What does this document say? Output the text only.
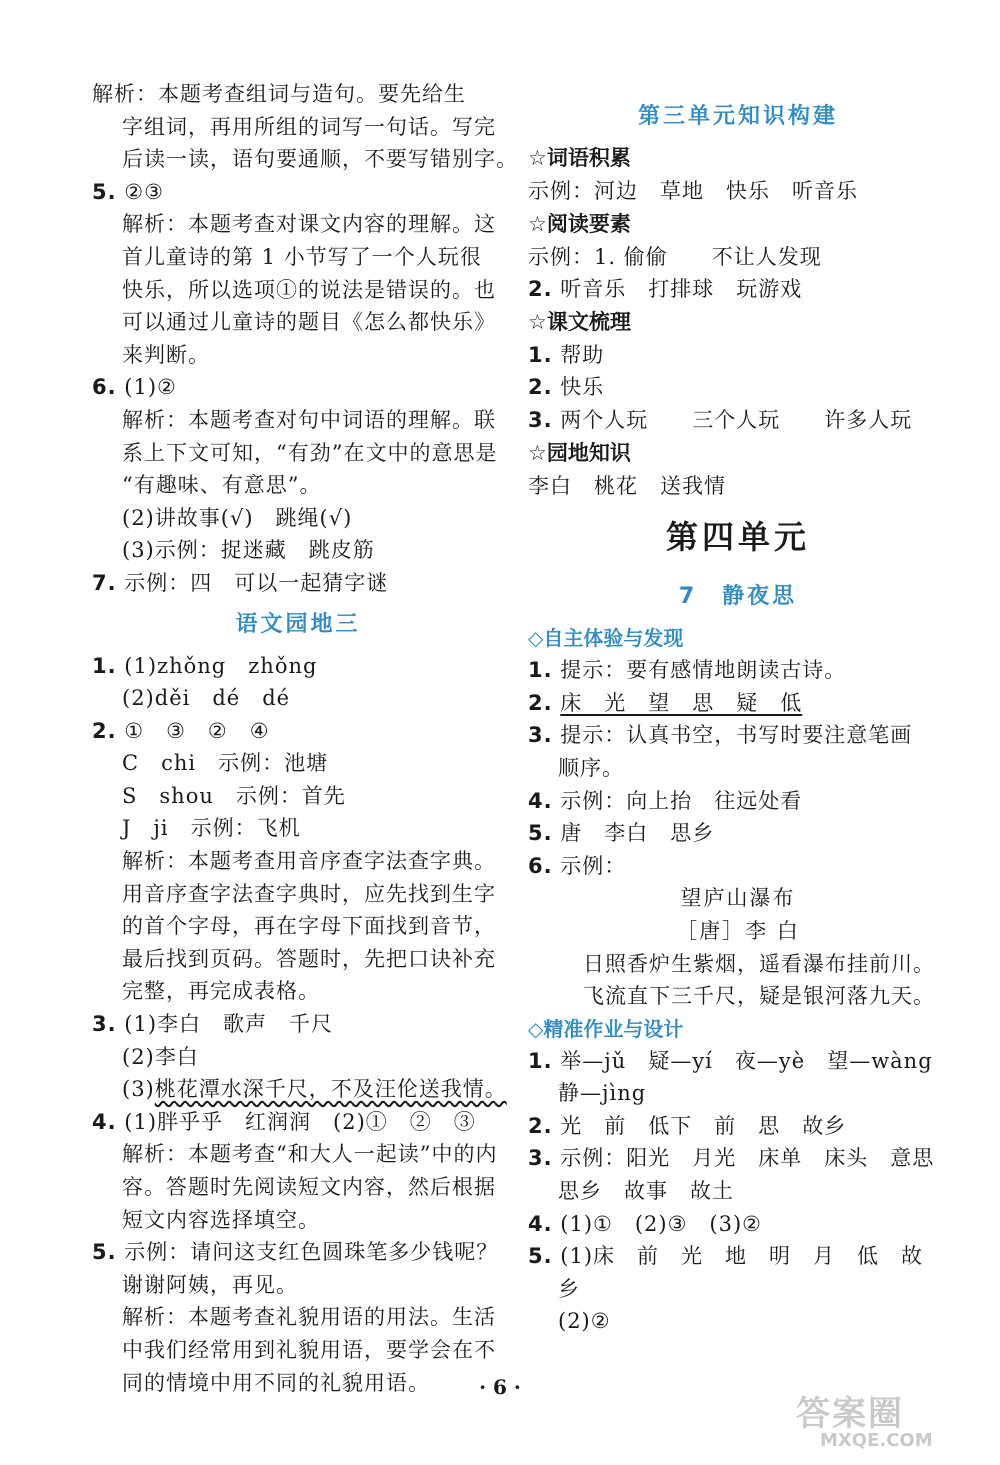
解析：本题考查组词与造句。要先给生
字组词，再用所组的词写一句话。写完
后读一读，语句要通顺，不要写错别字。
5. ②③
解析：本题考查对课文内容的理解。这
首儿童诗的第 1 小节写了一个人玩很
快乐，所以选项①的说法是错误的。也
可以通过儿童诗的题目《怎么都快乐》
来判断。
6. (1)②
解析：本题考查对句中词语的理解。联
系上下文可知，“有劲”在文中的意思是
“有趣味、有意思”。
(2)讲故事(√)　跳绳(√)
(3)示例：捉迷藏　跳皮筋
7. 示例：四　可以一起猜字谜
语文园地三
1. (1)zhǒng　zhǒng
(2)děi　dé　dé
2. ①　③　②　④
C　chi　示例：池塘
S　shou　示例：首先
J　ji　示例：飞机
解析：本题考查用音序查字法查字典。
用音序查字法查字典时，应先找到生字
的首个字母，再在字母下面找到音节，
最后找到页码。答题时，先把口诀补充
完整，再完成表格。
3. (1)李白　歌声　千尺
(2)李白
(3)桃花潭水深千尺，不及汪伦送我情。
4. (1)胖乎乎　红润润　(2)①　②　③
解析：本题考查“和大人一起读”中的内
容。答题时先阅读短文内容，然后根据
短文内容选择填空。
5. 示例：请问这支红色圆珠笔多少钱呢？
谢谢阿姨，再见。
解析：本题考查礼貌用语的用法。生活
中我们经常用到礼貌用语，要学会在不
同的情境中用不同的礼貌用语。
第三单元知识构建
☆词语积累
示例：河边　草地　快乐　听音乐
☆阅读要素
示例：1. 偷偷　　不让人发现
2. 听音乐　打排球　玩游戏
☆课文梳理
1. 帮助
2. 快乐
3. 两个人玩　　三个人玩　　许多人玩
☆园地知识
李白　桃花　送我情
第四单元
7　静夜思
◇自主体验与发现
1. 提示：要有感情地朗读古诗。
2. 床　光　望　思　疑　低
3. 提示：认真书空，书写时要注意笔画
顺序。
4. 示例：向上抬　往远处看
5. 唐　李白　思乡
6. 示例：
望庐山瀑布
［唐］李 白
日照香炉生紫烟，遥看瀑布挂前川。
飞流直下三千尺，疑是银河落九天。
◇精准作业与设计
1. 举—jǔ　疑—yí　夜—yè　望—wàng
静—jìng
2. 光　前　低下　前　思　故乡
3. 示例：阳光　月光　床单　床头　意思
思乡　故事　故土
4. (1)①　(2)③　(3)②
5. (1)床　前　光　地　明　月　低　故
乡
(2)②
· 6 ·
答案圈
MXQE.COM
